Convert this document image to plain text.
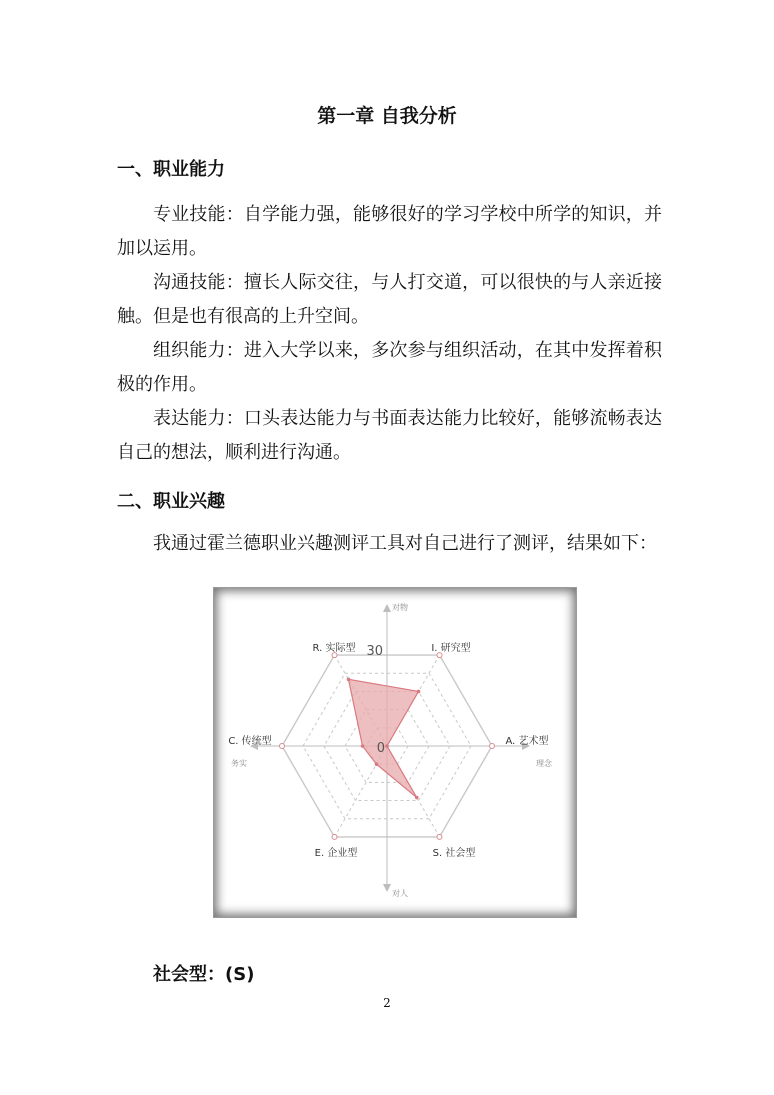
第一章 自我分析
一、职业能力

专业技能：自学能力强，能够很好的学习学校中所学的知识，并加以运用。

沟通技能：擅长人际交往，与人打交道，可以很快的与人亲近接触。但是也有很高的上升空间。

组织能力：进入大学以来，多次参与组织活动，在其中发挥着积极的作用。

表达能力：口头表达能力与书面表达能力比较好，能够流畅表达自己的想法，顺利进行沟通。

二、职业兴趣

我通过霍兰德职业兴趣测评工具对自己进行了测评，结果如下：

R. 实际型	I. 研究型
A. 艺术型
S. 社会型
E. 企业型
C. 传统型
对物
对人
务实	理念
30
0
社会型：(S)
2
